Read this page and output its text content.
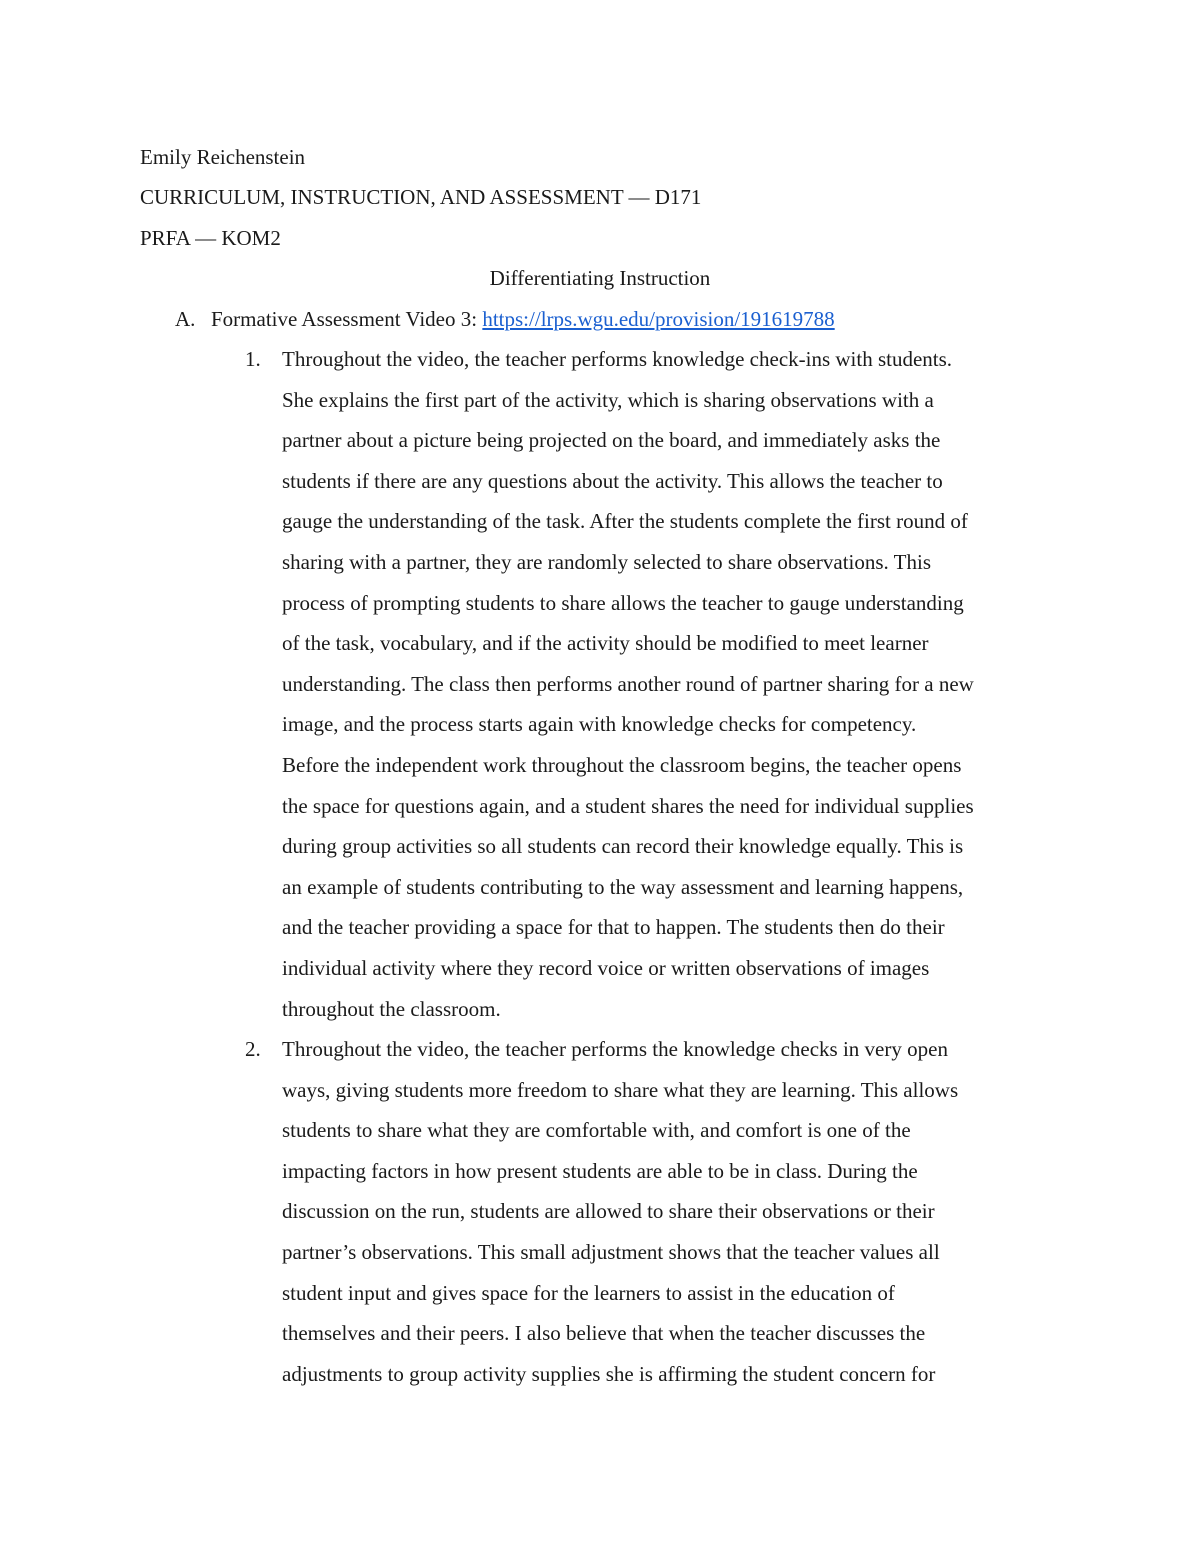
Emily Reichenstein
CURRICULUM, INSTRUCTION, AND ASSESSMENT — D171
PRFA — KOM2
Differentiating Instruction
A. Formative Assessment Video 3: https://lrps.wgu.edu/provision/191619788
1. Throughout the video, the teacher performs knowledge check-ins with students.
She explains the first part of the activity, which is sharing observations with a
partner about a picture being projected on the board, and immediately asks the
students if there are any questions about the activity. This allows the teacher to
gauge the understanding of the task. After the students complete the first round of
sharing with a partner, they are randomly selected to share observations. This
process of prompting students to share allows the teacher to gauge understanding
of the task, vocabulary, and if the activity should be modified to meet learner
understanding. The class then performs another round of partner sharing for a new
image, and the process starts again with knowledge checks for competency.
Before the independent work throughout the classroom begins, the teacher opens
the space for questions again, and a student shares the need for individual supplies
during group activities so all students can record their knowledge equally. This is
an example of students contributing to the way assessment and learning happens,
and the teacher providing a space for that to happen. The students then do their
individual activity where they record voice or written observations of images
throughout the classroom.
2. Throughout the video, the teacher performs the knowledge checks in very open
ways, giving students more freedom to share what they are learning. This allows
students to share what they are comfortable with, and comfort is one of the
impacting factors in how present students are able to be in class. During the
discussion on the run, students are allowed to share their observations or their
partner’s observations. This small adjustment shows that the teacher values all
student input and gives space for the learners to assist in the education of
themselves and their peers. I also believe that when the teacher discusses the
adjustments to group activity supplies she is affirming the student concern for
